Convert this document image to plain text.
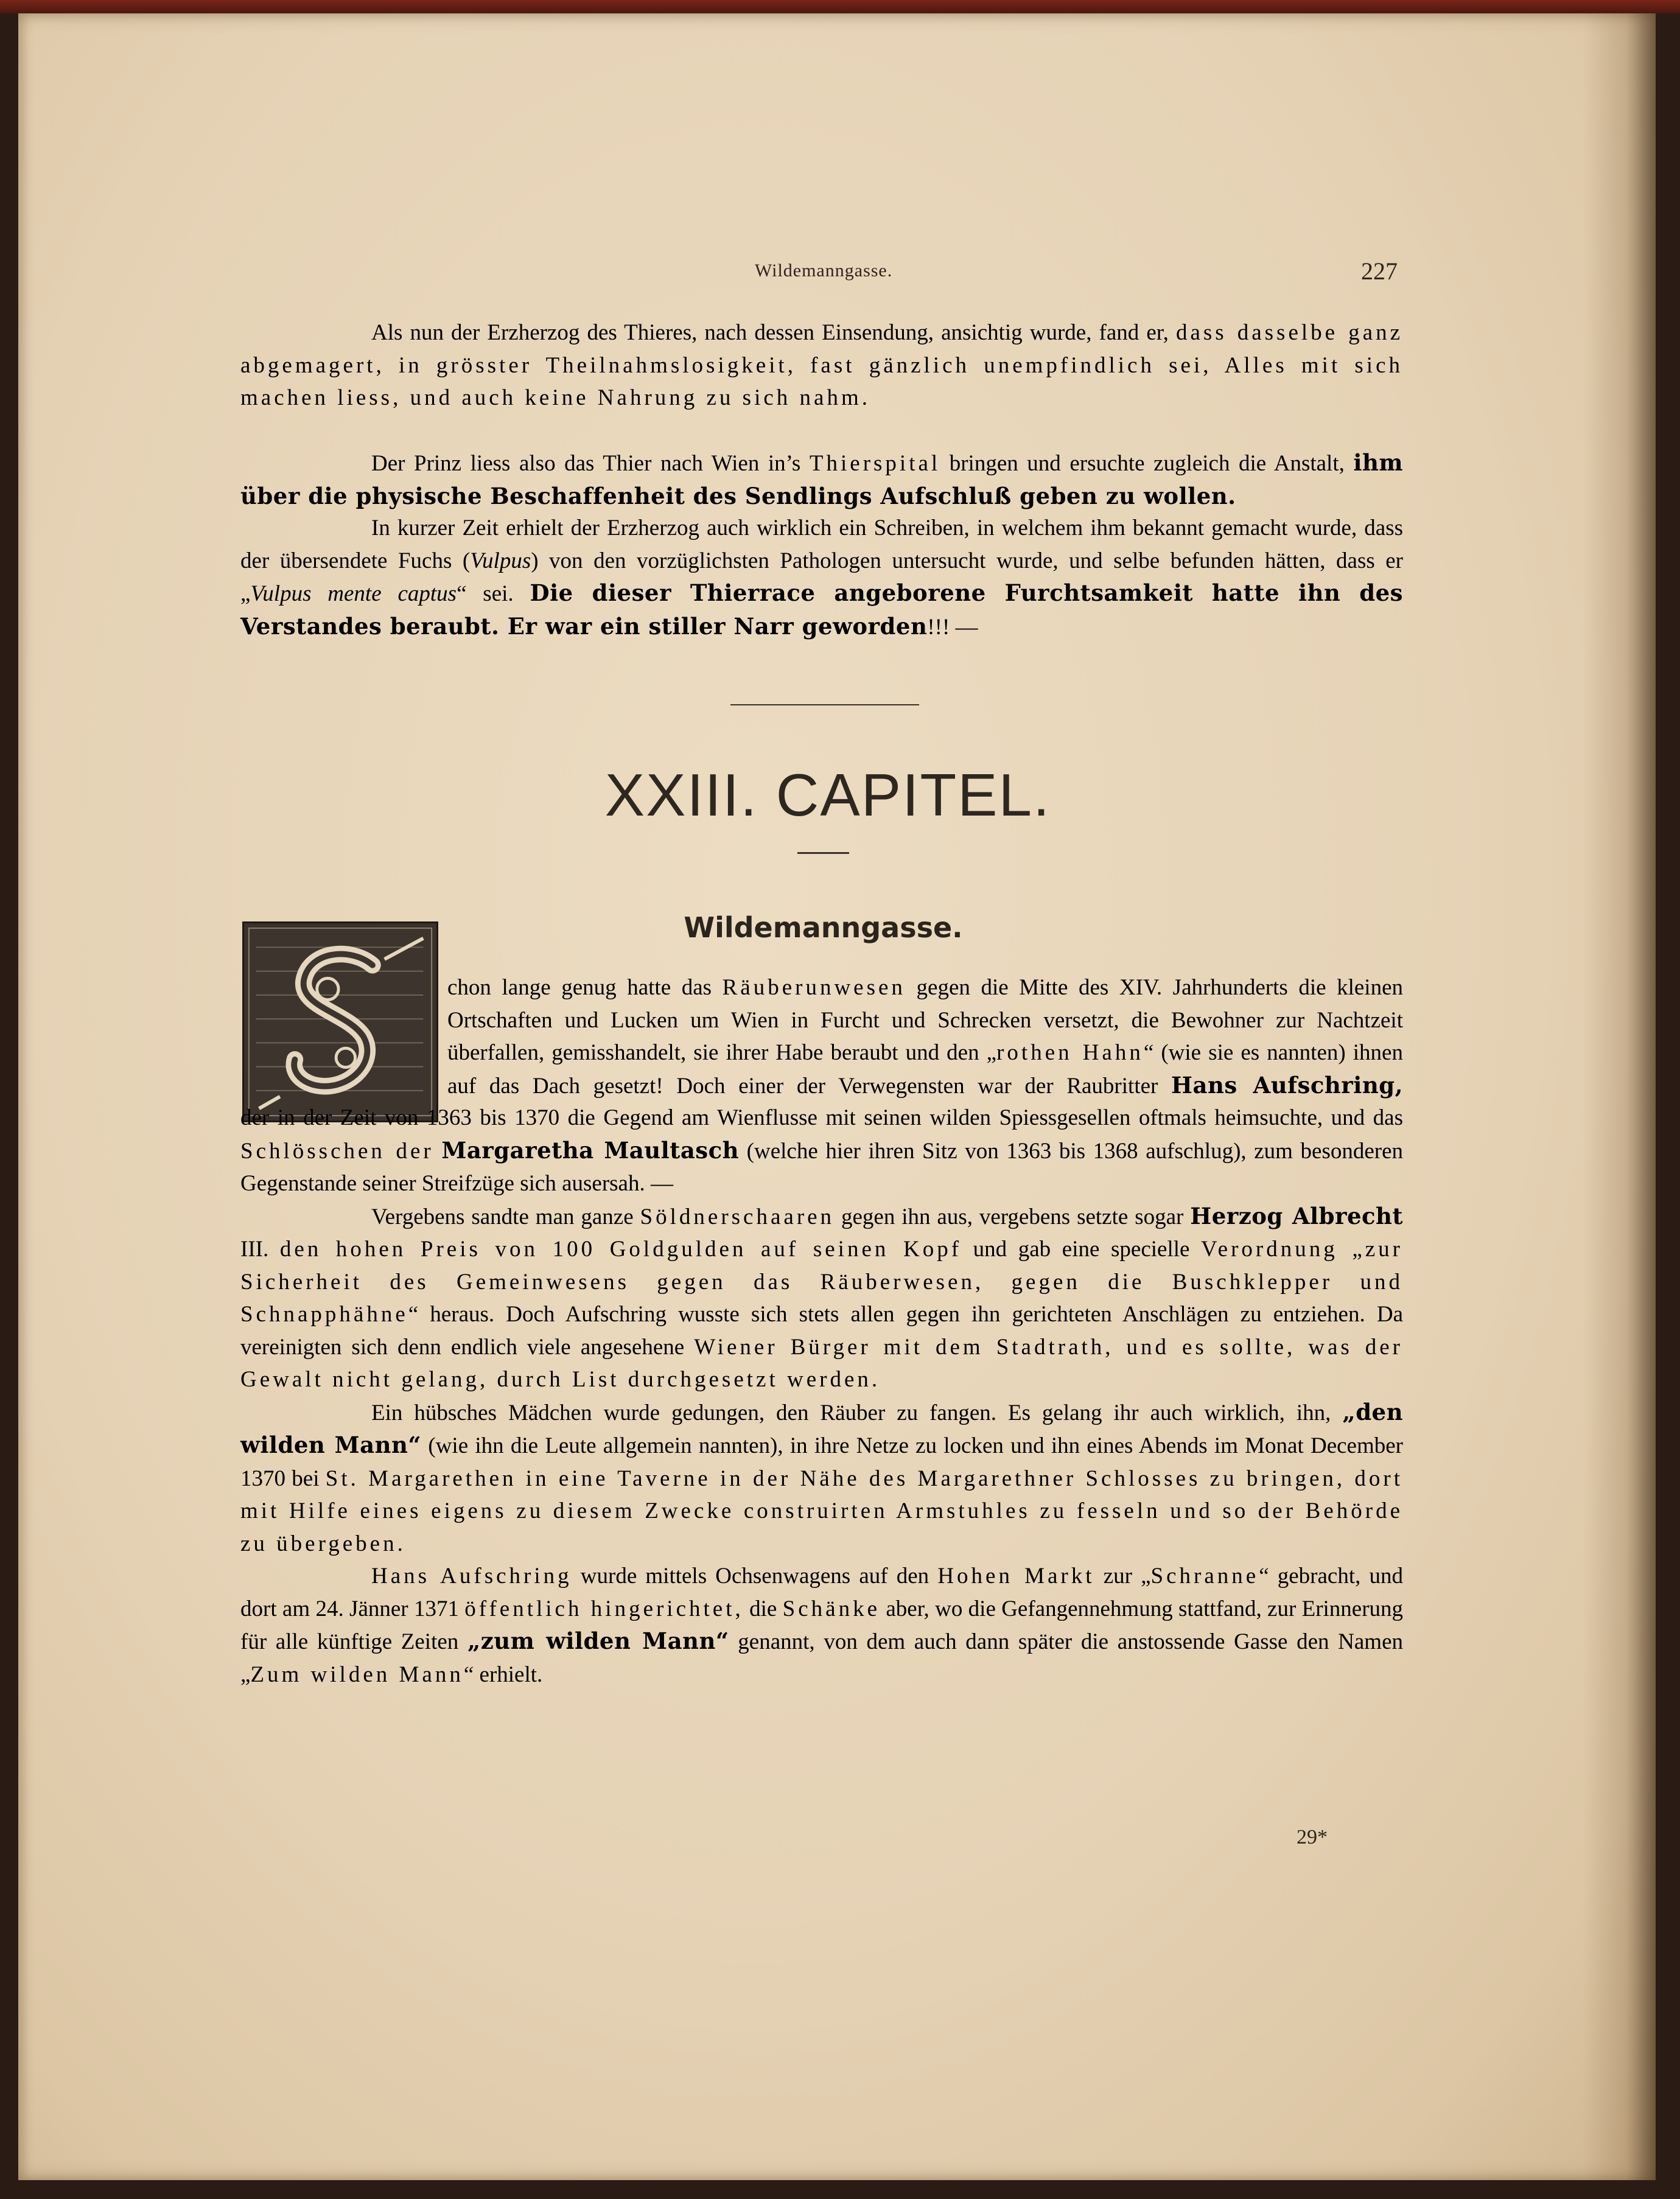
Wildemanngasse.	227

Als nun der Erzherzog des Thieres, nach dessen Einsendung, ansichtig wurde, fand er, dass dasselbe ganz abgemagert, in grösster Theilnahmslosigkeit, fast gänzlich unempfindlich sei, Alles mit sich machen liess, und auch keine Nahrung zu sich nahm.

Der Prinz liess also das Thier nach Wien in’s Thierspital bringen und ersuchte zugleich die Anstalt, ihm über die physische Beschaffenheit des Sendlings Aufschluß geben zu wollen.

In kurzer Zeit erhielt der Erzherzog auch wirklich ein Schreiben, in welchem ihm bekannt gemacht wurde, dass der übersendete Fuchs (Vulpus) von den vorzüglichsten Pathologen untersucht wurde, und selbe befunden hätten, dass er „Vulpus mente captus“ sei. Die dieser Thierrace angeborene Furchtsamkeit hatte ihn des Verstandes beraubt. Er war ein stiller Narr geworden!!! —

XXIII. CAPITEL.
Wildemanngasse.
S

chon lange genug hatte das Räuberunwesen gegen die Mitte des XIV. Jahrhunderts die kleinen Ortschaften und Lucken um Wien in Furcht und Schrecken versetzt, die Bewohner zur Nachtzeit überfallen, gemisshandelt, sie ihrer Habe beraubt und den „rothen Hahn“ (wie sie es nannten) ihnen auf das Dach gesetzt! Doch einer der Verwegensten war der Raubritter Hans Aufschring,

der in der Zeit von 1363 bis 1370 die Gegend am Wienflusse mit seinen wilden Spiessgesellen oftmals heimsuchte, und das Schlösschen der Margaretha Maultasch (welche hier ihren Sitz von 1363 bis 1368 aufschlug), zum besonderen Gegenstande seiner Streifzüge sich ausersah. —
Vergebens sandte man ganze Söldnerschaaren gegen ihn aus, vergebens setzte sogar Herzog Albrecht III. den hohen Preis von 100 Goldgulden auf seinen Kopf und gab eine specielle Verordnung „zur Sicherheit des Gemeinwesens gegen das Räuberwesen, gegen die Buschklepper und Schnapphähne“ heraus. Doch Aufschring wusste sich stets allen gegen ihn gerichteten Anschlägen zu entziehen. Da vereinigten sich denn endlich viele angesehene Wiener Bürger mit dem Stadtrath, und es sollte, was der Gewalt nicht gelang, durch List durchgesetzt werden.
Ein hübsches Mädchen wurde gedungen, den Räuber zu fangen. Es gelang ihr auch wirklich, ihn, „den wilden Mann“ (wie ihn die Leute allgemein nannten), in ihre Netze zu locken und ihn eines Abends im Monat December 1370 bei St. Margarethen in eine Taverne in der Nähe des Margarethner Schlosses zu bringen, dort mit Hilfe eines eigens zu diesem Zwecke construirten Armstuhles zu fesseln und so der Behörde zu übergeben.
Hans Aufschring wurde mittels Ochsenwagens auf den Hohen Markt zur „Schranne“ gebracht, und dort am 24. Jänner 1371 öffentlich hingerichtet, die Schänke aber, wo die Gefangennehmung stattfand, zur Erinnerung für alle künftige Zeiten „zum wilden Mann“ genannt, von dem auch dann später die anstossende Gasse den Namen „Zum wilden Mann“ erhielt.

29*
